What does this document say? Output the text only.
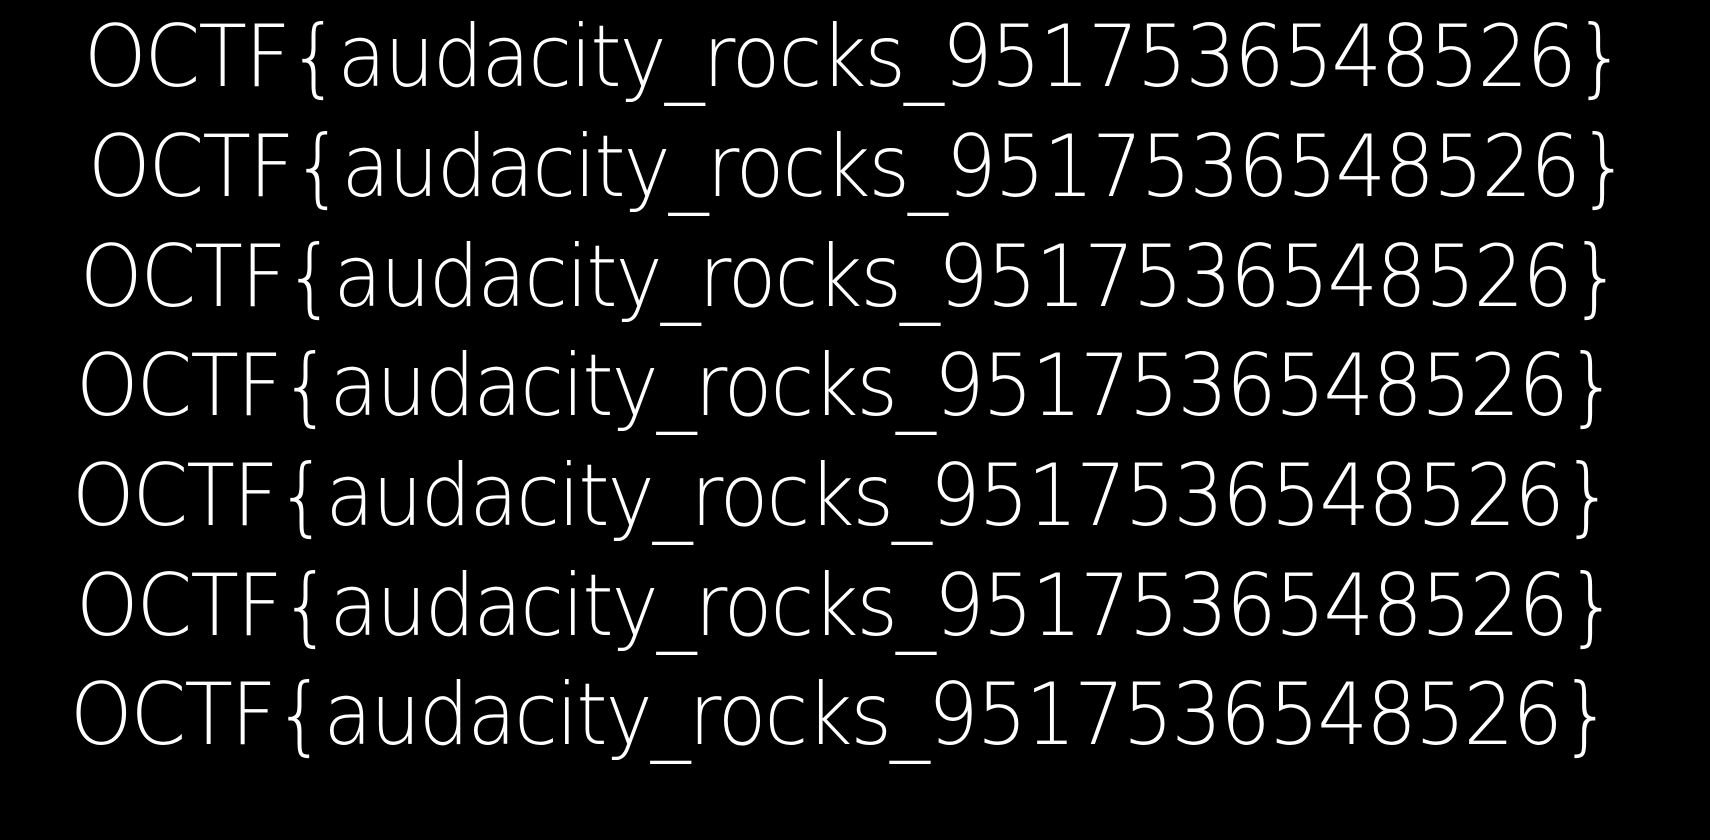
OCTF{audacity_rocks_9517536548526}
OCTF{audacity_rocks_9517536548526}
OCTF{audacity_rocks_9517536548526}
OCTF{audacity_rocks_9517536548526}
OCTF{audacity_rocks_9517536548526}
OCTF{audacity_rocks_9517536548526}
OCTF{audacity_rocks_9517536548526}
